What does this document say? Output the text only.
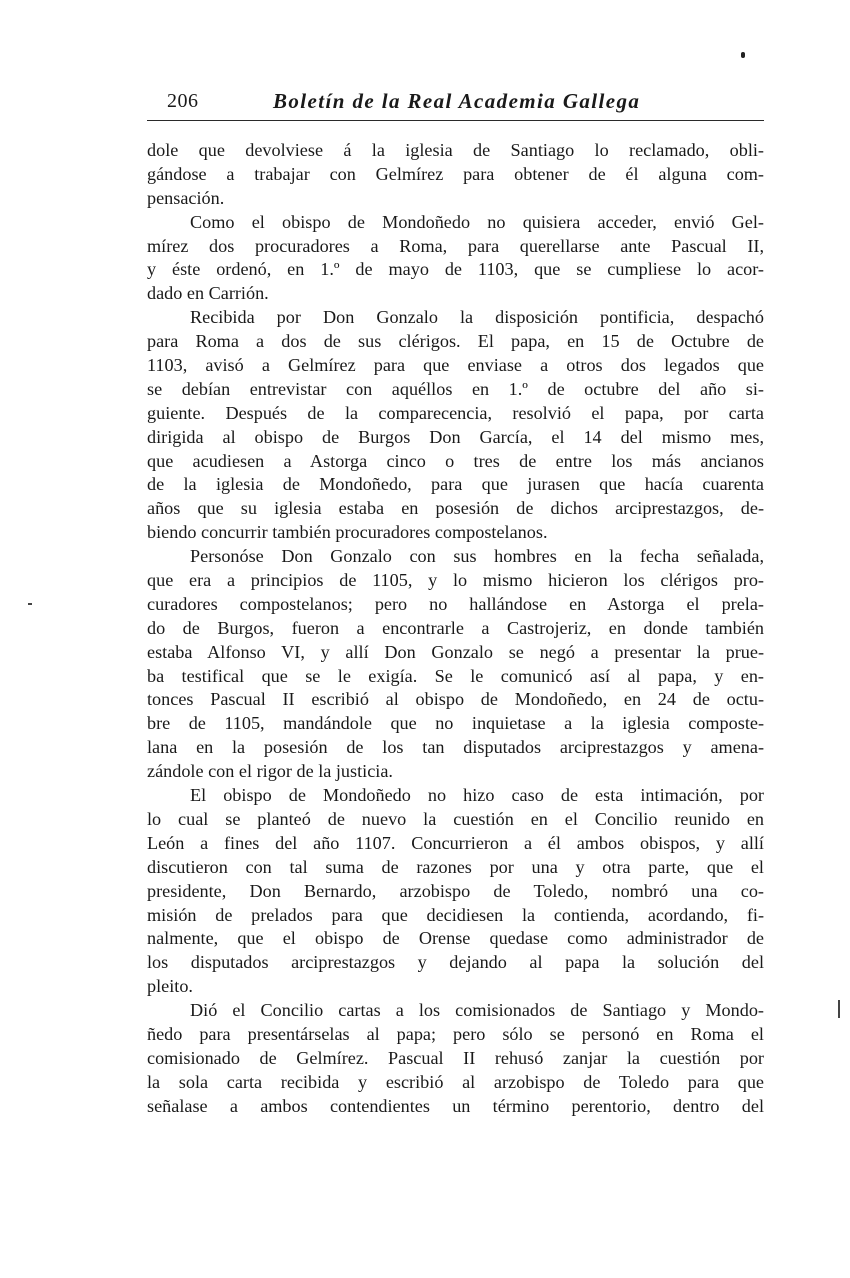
206	Boletín de la Real Academia Gallega
dole que devolviese á la iglesia de Santiago lo reclamado, obli-
gándose a trabajar con Gelmírez para obtener de él alguna com-
pensación.
Como el obispo de Mondoñedo no quisiera acceder, envió Gel-
mírez dos procuradores a Roma, para querellarse ante Pascual II,
y éste ordenó, en 1.º de mayo de 1103, que se cumpliese lo acor-
dado en Carrión.
Recibida por Don Gonzalo la disposición pontificia, despachó
para Roma a dos de sus clérigos. El papa, en 15 de Octubre de
1103, avisó a Gelmírez para que enviase a otros dos legados que
se debían entrevistar con aquéllos en 1.º de octubre del año si-
guiente. Después de la comparecencia, resolvió el papa, por carta
dirigida al obispo de Burgos Don García, el 14 del mismo mes,
que acudiesen a Astorga cinco o tres de entre los más ancianos
de la iglesia de Mondoñedo, para que jurasen que hacía cuarenta
años que su iglesia estaba en posesión de dichos arciprestazgos, de-
biendo concurrir también procuradores compostelanos.
Personóse Don Gonzalo con sus hombres en la fecha señalada,
que era a principios de 1105, y lo mismo hicieron los clérigos pro-
curadores compostelanos; pero no hallándose en Astorga el prela-
do de Burgos, fueron a encontrarle a Castrojeriz, en donde también
estaba Alfonso VI, y allí Don Gonzalo se negó a presentar la prue-
ba testifical que se le exigía. Se le comunicó así al papa, y en-
tonces Pascual II escribió al obispo de Mondoñedo, en 24 de octu-
bre de 1105, mandándole que no inquietase a la iglesia composte-
lana en la posesión de los tan disputados arciprestazgos y amena-
zándole con el rigor de la justicia.
El obispo de Mondoñedo no hizo caso de esta intimación, por
lo cual se planteó de nuevo la cuestión en el Concilio reunido en
León a fines del año 1107. Concurrieron a él ambos obispos, y allí
discutieron con tal suma de razones por una y otra parte, que el
presidente, Don Bernardo, arzobispo de Toledo, nombró una co-
misión de prelados para que decidiesen la contienda, acordando, fi-
nalmente, que el obispo de Orense quedase como administrador de
los disputados arciprestazgos y dejando al papa la solución del
pleito.
Dió el Concilio cartas a los comisionados de Santiago y Mondo-
ñedo para presentárselas al papa; pero sólo se personó en Roma el
comisionado de Gelmírez. Pascual II rehusó zanjar la cuestión por
la sola carta recibida y escribió al arzobispo de Toledo para que
señalase a ambos contendientes un término perentorio, dentro del
